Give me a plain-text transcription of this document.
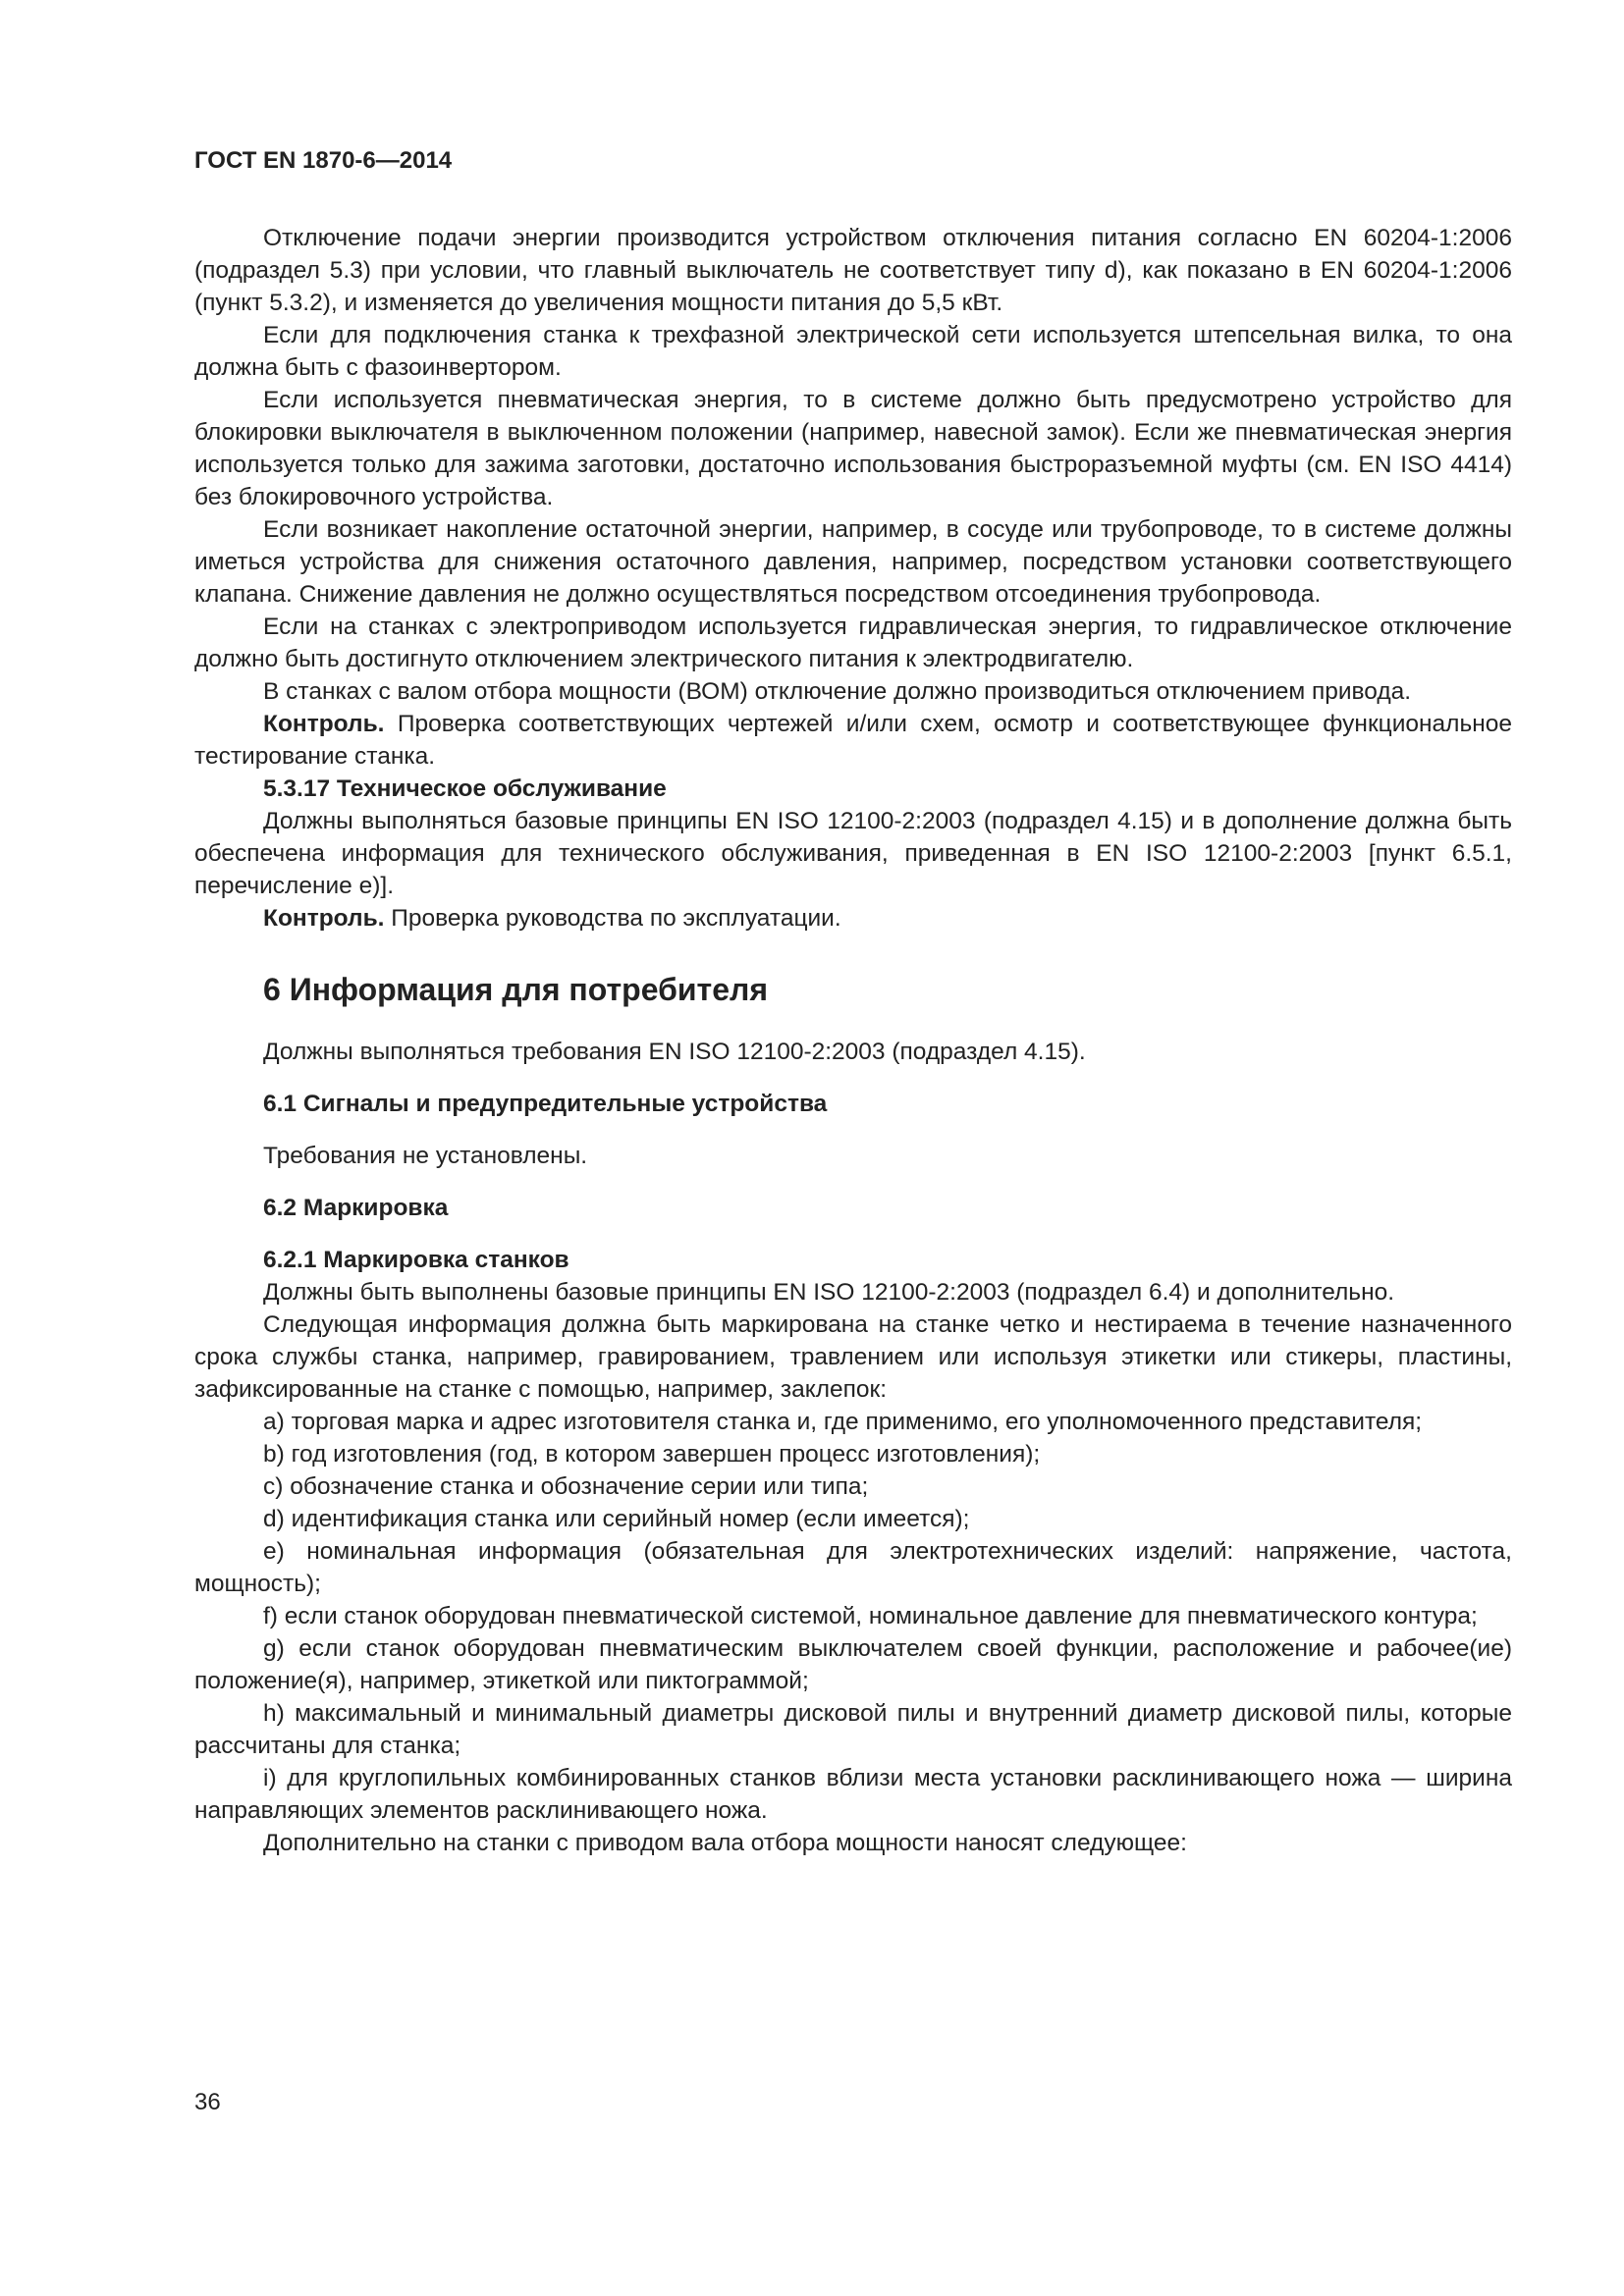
ГОСТ EN 1870-6—2014

Отключение подачи энергии производится устройством отключения питания согласно EN 60204-1:2006 (подраздел 5.3) при условии, что главный выключатель не соответствует типу d), как показано в EN 60204-1:2006 (пункт 5.3.2), и изменяется до увеличения мощности питания до 5,5 кВт.

Если для подключения станка к трехфазной электрической сети используется штепсельная вилка, то она должна быть с фазоинвертором.

Если используется пневматическая энергия, то в системе должно быть предусмотрено устройство для блокировки выключателя в выключенном положении (например, навесной замок). Если же пневматическая энергия используется только для зажима заготовки, достаточно использования быстроразъемной муфты (см. EN ISO 4414) без блокировочного устройства.

Если возникает накопление остаточной энергии, например, в сосуде или трубопроводе, то в системе должны иметься устройства для снижения остаточного давления, например, посредством установки соответствующего клапана. Снижение давления не должно осуществляться посредством отсоединения трубопровода.

Если на станках с электроприводом используется гидравлическая энергия, то гидравлическое отключение должно быть достигнуто отключением электрического питания к электродвигателю.

В станках с валом отбора мощности (ВОМ) отключение должно производиться отключением привода.

Контроль. Проверка соответствующих чертежей и/или схем, осмотр и соответствующее функциональное тестирование станка.

5.3.17 Техническое обслуживание

Должны выполняться базовые принципы EN ISO 12100-2:2003 (подраздел 4.15) и в дополнение должна быть обеспечена информация для технического обслуживания, приведенная в EN ISO 12100-2:2003 [пункт 6.5.1, перечисление е)].

Контроль. Проверка руководства по эксплуатации.

6 Информация для потребителя

Должны выполняться требования EN ISO 12100-2:2003 (подраздел 4.15).

6.1 Сигналы и предупредительные устройства

Требования не установлены.

6.2 Маркировка

6.2.1 Маркировка станков

Должны быть выполнены базовые принципы EN ISO 12100-2:2003 (подраздел 6.4) и дополнительно.

Следующая информация должна быть маркирована на станке четко и нестираема в течение назначенного срока службы станка, например, гравированием, травлением или используя этикетки или стикеры, пластины, зафиксированные на станке с помощью, например, заклепок:

a) торговая марка и адрес изготовителя станка и, где применимо, его уполномоченного представителя;

b) год изготовления (год, в котором завершен процесс изготовления);

c) обозначение станка и обозначение серии или типа;

d) идентификация станка или серийный номер (если имеется);

e) номинальная информация (обязательная для электротехнических изделий: напряжение, частота, мощность);

f) если станок оборудован пневматической системой, номинальное давление для пневматического контура;

g) если станок оборудован пневматическим выключателем своей функции, расположение и рабочее(ие) положение(я), например, этикеткой или пиктограммой;

h) максимальный и минимальный диаметры дисковой пилы и внутренний диаметр дисковой пилы, которые рассчитаны для станка;

i) для круглопильных комбинированных станков вблизи места установки расклинивающего ножа — ширина направляющих элементов расклинивающего ножа.

Дополнительно на станки с приводом вала отбора мощности наносят следующее:

36
